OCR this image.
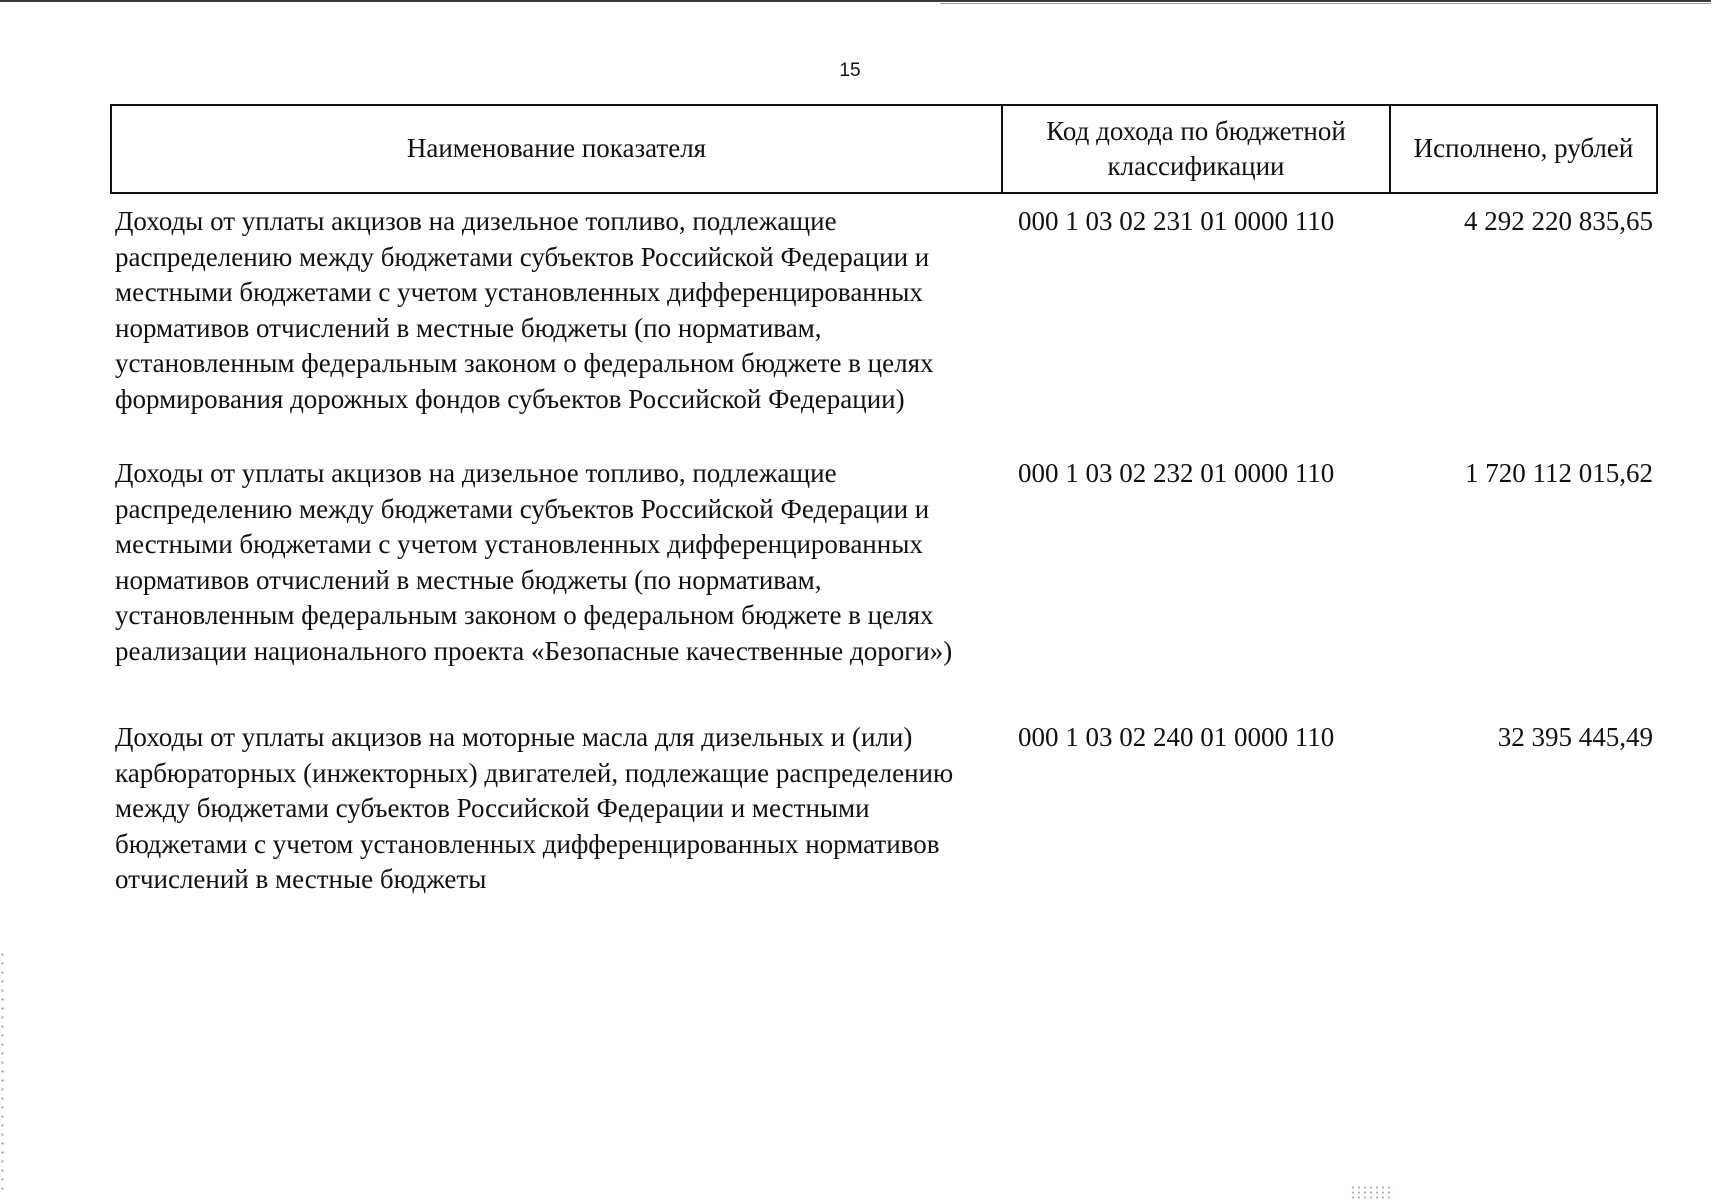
15
Наименование показателя	Код дохода по бюджетной классификации	Исполнено, рублей
Доходы от уплаты акцизов на дизельное топливо, подлежащие распределению между бюджетами субъектов Российской Федерации и местными бюджетами с учетом установленных дифференцированных нормативов отчислений в местные бюджеты (по нормативам, установленным федеральным законом о федеральном бюджете в целях формирования дорожных фондов субъектов Российской Федерации)	000 1 03 02 231 01 0000 110	4 292 220 835,65
Доходы от уплаты акцизов на дизельное топливо, подлежащие распределению между бюджетами субъектов Российской Федерации и местными бюджетами с учетом установленных дифференцированных нормативов отчислений в местные бюджеты (по нормативам, установленным федеральным законом о федеральном бюджете в целях реализации национального проекта «Безопасные качественные дороги»)	000 1 03 02 232 01 0000 110	1 720 112 015,62
Доходы от уплаты акцизов на моторные масла для дизельных и (или) карбюраторных (инжекторных) двигателей, подлежащие распределению между бюджетами субъектов Российской Федерации и местными бюджетами с учетом установленных дифференцированных нормативов отчислений в местные бюджеты	000 1 03 02 240 01 0000 110	32 395 445,49
